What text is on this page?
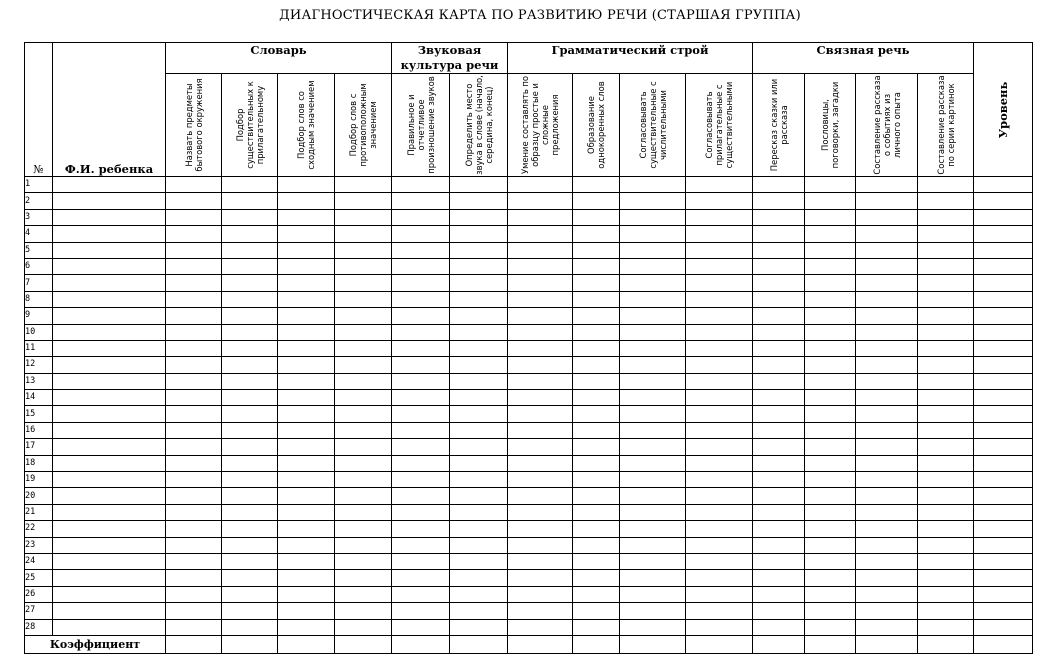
ДИАГНОСТИЧЕСКАЯ КАРТА ПО РАЗВИТИЮ РЕЧИ (СТАРШАЯ ГРУППА)
№	Ф.И. ребенка	Словарь				Звуковая культура речи		Грамматический строй				Связная речь				Уровень

		Назвать предметы бытового окружения	Подбор существительных к прилагательному	Подбор слов со сходным значением	Подбор слов с противоположным значением	Правильное и отчетливое произношение звуков	Определить место звука в слове (начало, середина, конец)	Умение составлять по образцу простые и сложные предложения	Образование однокоренных слов	Согласовывать существительные с числительными	Согласовывать прилагательные с существительными	Пересказ сказки или рассказа	Пословицы, поговорки, загадки	Составление рассказа о событиях из личного опыта	Составление рассказа по серии картинок	

1																
2																
3																
4																
5																
6																
7																
8																
9																
10																
11																
12																
13																
14																
15																
16																
17																
18																
19																
20																
21																
22																
23																
24																
25																
26																
27																
28																
Коэффициент																
